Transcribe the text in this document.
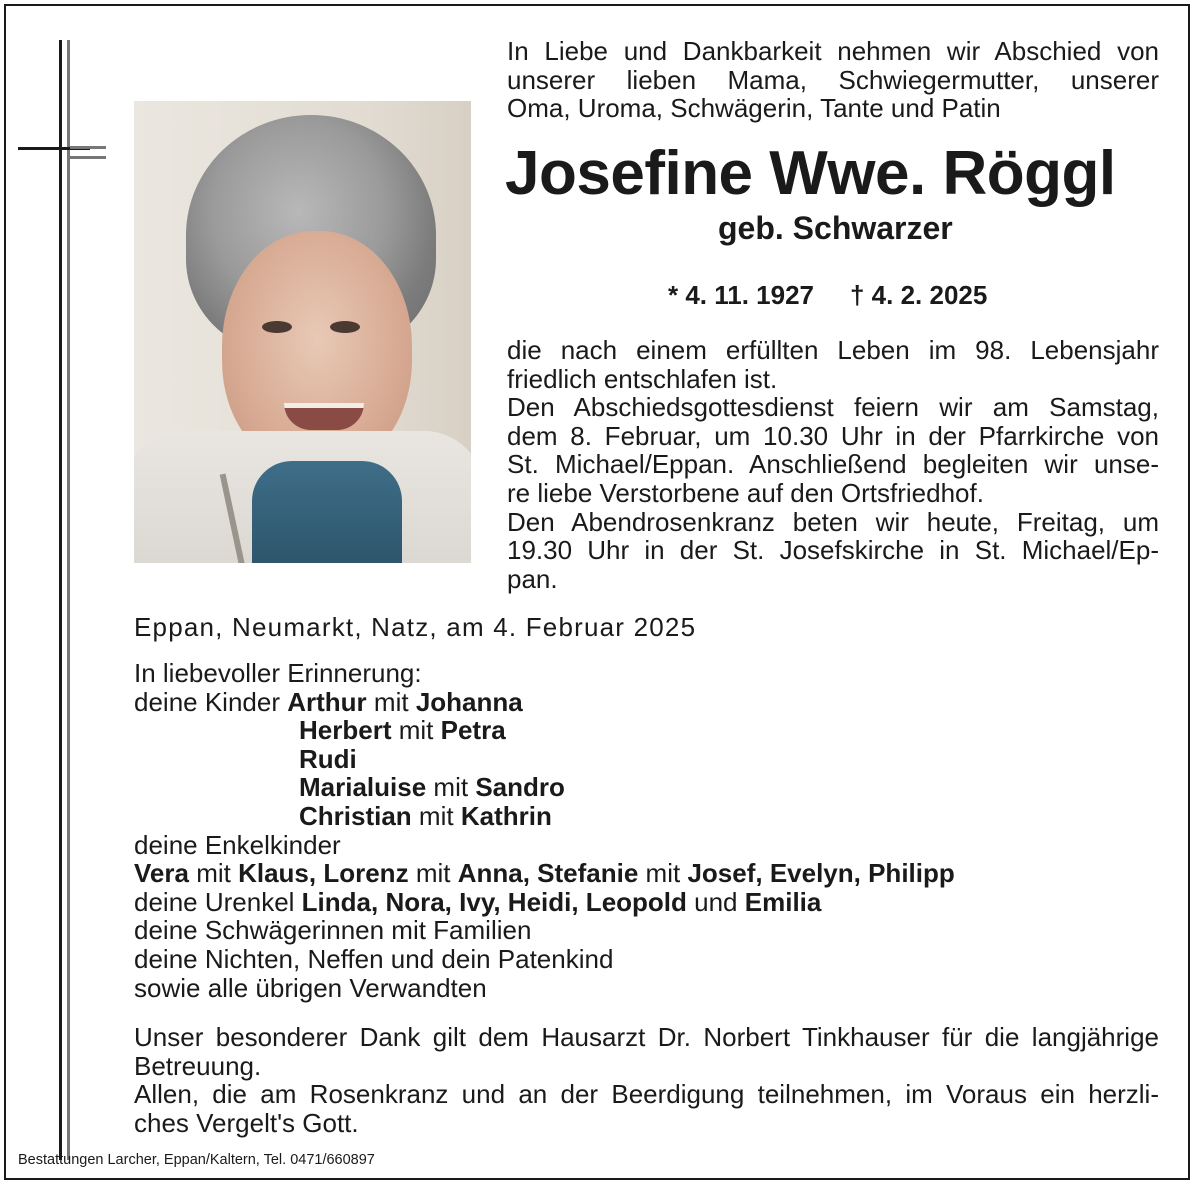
In Liebe und Dankbarkeit nehmen wir Abschied von
unserer lieben Mama, Schwiegermutter, unserer
Oma, Uroma, Schwägerin, Tante und Patin
Josefine Wwe. Röggl
geb. Schwarzer
* 4. 11. 1927 † 4. 2. 2025
die nach einem erfüllten Leben im 98. Lebensjahr
friedlich entschlafen ist.
Den Abschiedsgottesdienst feiern wir am Samstag,
dem 8. Februar, um 10.30 Uhr in der Pfarrkirche von
St. Michael/Eppan. Anschließend begleiten wir unse-
re liebe Verstorbene auf den Ortsfriedhof.
Den Abendrosenkranz beten wir heute, Freitag, um
19.30 Uhr in der St. Josefskirche in St. Michael/Ep-
pan.
Eppan, Neumarkt, Natz, am 4. Februar 2025
In liebevoller Erinnerung:
deine Kinder Arthur mit Johanna
Herbert mit Petra
Rudi
Marialuise mit Sandro
Christian mit Kathrin
deine Enkelkinder
Vera mit Klaus, Lorenz mit Anna, Stefanie mit Josef, Evelyn, Philipp
deine Urenkel Linda, Nora, Ivy, Heidi, Leopold und Emilia
deine Schwägerinnen mit Familien
deine Nichten, Neffen und dein Patenkind
sowie alle übrigen Verwandten
Unser besonderer Dank gilt dem Hausarzt Dr. Norbert Tinkhauser für die langjährige
Betreuung.
Allen, die am Rosenkranz und an der Beerdigung teilnehmen, im Voraus ein herzli-
ches Vergelt's Gott.
Bestattungen Larcher, Eppan/Kaltern, Tel. 0471/660897
